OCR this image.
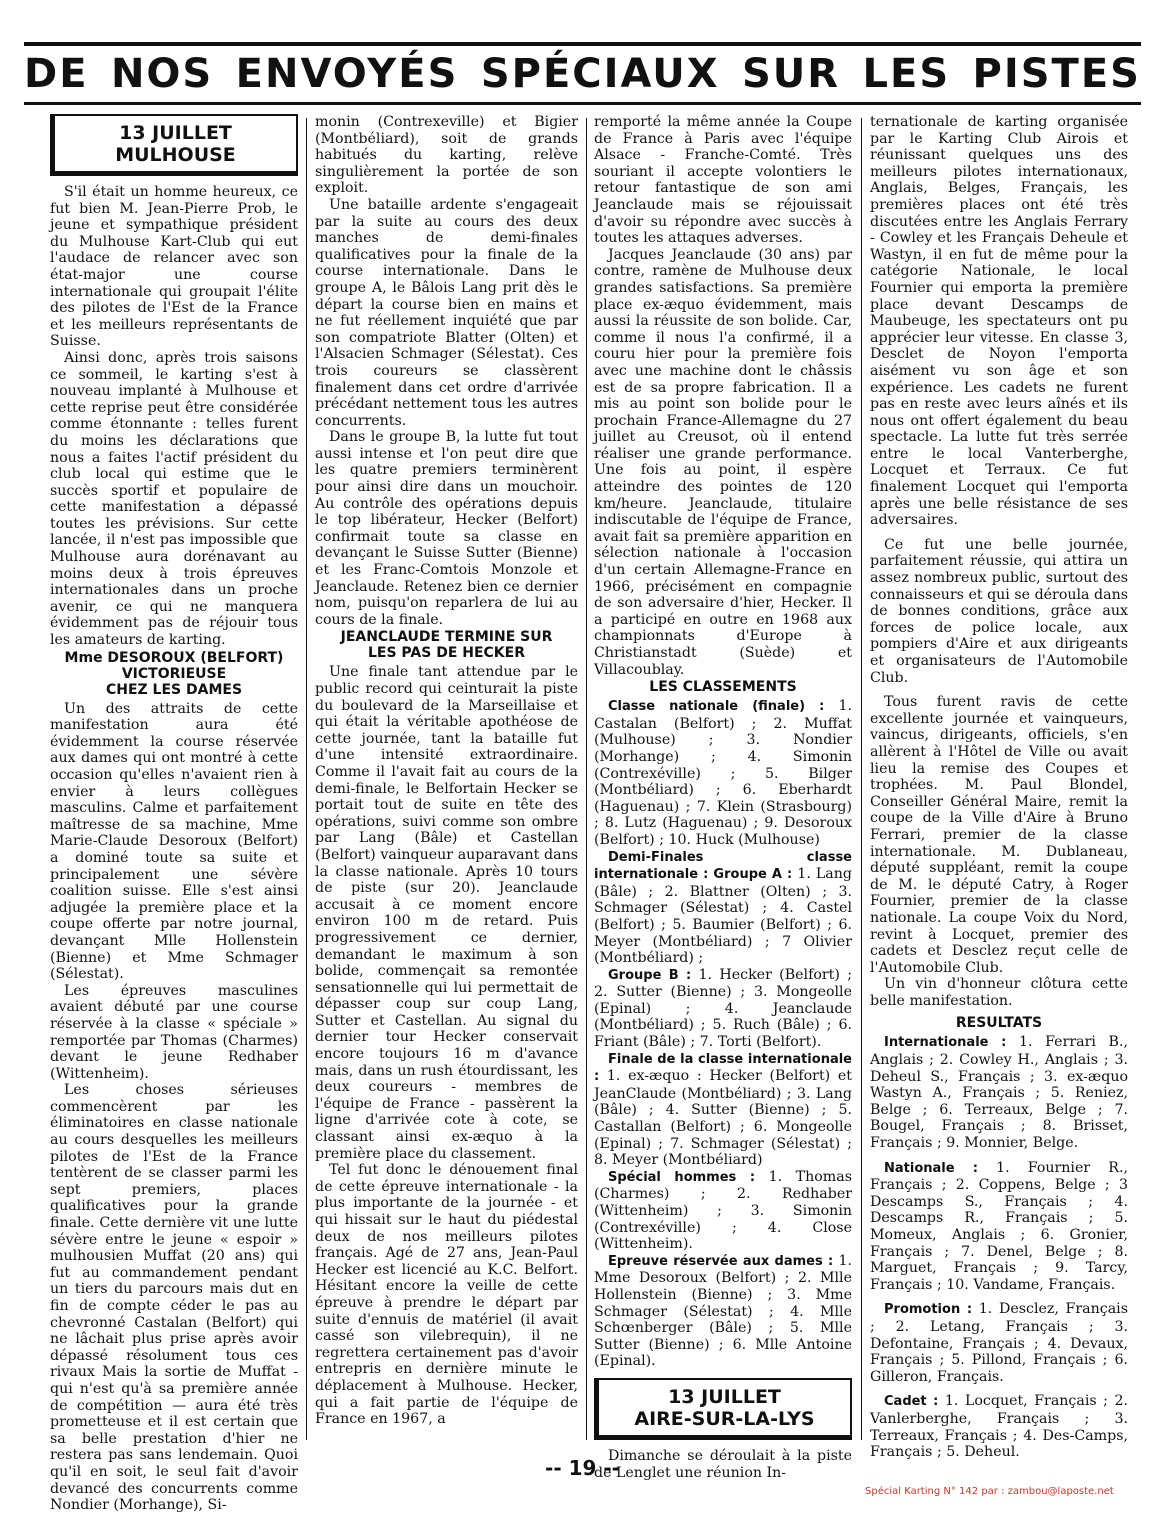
DE NOS ENVOYÉS SPÉCIAUX SUR LES PISTES
13 JUILLET
MULHOUSE

S'il était un homme heureux, ce fut bien M. Jean-Pierre Prob, le jeune et sympathique président du Mulhouse Kart-Club qui eut l'audace de relancer avec son état-major une course internationale qui groupait l'élite des pilotes de l'Est de la France et les meilleurs représentants de Suisse.

Ainsi donc, après trois saisons ce sommeil, le karting s'est à nouveau implanté à Mulhouse et cette reprise peut être considérée comme étonnante : telles furent du moins les déclarations que nous a faites l'actif président du club local qui estime que le succès sportif et populaire de cette manifestation a dépassé toutes les prévisions. Sur cette lancée, il n'est pas impossible que Mulhouse aura dorénavant au moins deux à trois épreuves internationales dans un proche avenir, ce qui ne manquera évidemment pas de réjouir tous les amateurs de karting.

Mme DESOROUX (BELFORT)
VICTORIEUSE
CHEZ LES DAMES

Un des attraits de cette manifestation aura été évidemment la course réservée aux dames qui ont montré à cette occasion qu'elles n'avaient rien à envier à leurs collègues masculins. Calme et parfaitement maîtresse de sa machine, Mme Marie-Claude Desoroux (Belfort) a dominé toute sa suite et principalement une sévère coalition suisse. Elle s'est ainsi adjugée la première place et la coupe offerte par notre journal, devançant Mlle Hollenstein (Bienne) et Mme Schmager (Sélestat).

Les épreuves masculines avaient débuté par une course réservée à la classe « spéciale » remportée par Thomas (Charmes) devant le jeune Redhaber (Wittenheim).

Les choses sérieuses commencèrent par les éliminatoires en classe nationale au cours desquelles les meilleurs pilotes de l'Est de la France tentèrent de se classer parmi les sept premiers, places qualificatives pour la grande finale. Cette dernière vit une lutte sévère entre le jeune « espoir » mulhousien Muffat (20 ans) qui fut au commandement pendant un tiers du parcours mais dut en fin de compte céder le pas au chevronné Castalan (Belfort) qui ne lâchait plus prise après avoir dépassé résolument tous ces rivaux Mais la sortie de Muffat - qui n'est qu'à sa première année de compétition — aura été très prometteuse et il est certain que sa belle prestation d'hier ne restera pas sans lendemain. Quoi qu'il en soit, le seul fait d'avoir devancé des concurrents comme Nondier (Morhange), Si-

monin (Contrexeville) et Bigier (Montbéliard), soit de grands habitués du karting, relève singulièrement la portée de son exploit.

Une bataille ardente s'engageait par la suite au cours des deux manches de demi-finales qualificatives pour la finale de la course internationale. Dans le groupe A, le Bâlois Lang prit dès le départ la course bien en mains et ne fut réellement inquiété que par son compatriote Blatter (Olten) et l'Alsacien Schmager (Sélestat). Ces trois coureurs se classèrent finalement dans cet ordre d'arrivée précédant nettement tous les autres concurrents.

Dans le groupe B, la lutte fut tout aussi intense et l'on peut dire que les quatre premiers terminèrent pour ainsi dire dans un mouchoir. Au contrôle des opérations depuis le top libérateur, Hecker (Belfort) confirmait toute sa classe en devançant le Suisse Sutter (Bienne) et les Franc-Comtois Monzole et Jeanclaude. Retenez bien ce dernier nom, puisqu'on reparlera de lui au cours de la finale.

JEANCLAUDE TERMINE SUR
LES PAS DE HECKER

Une finale tant attendue par le public record qui ceinturait la piste du boulevard de la Marseillaise et qui était la véritable apothéose de cette journée, tant la bataille fut d'une intensité extraordinaire. Comme il l'avait fait au cours de la demi-finale, le Belfortain Hecker se portait tout de suite en tête des opérations, suivi comme son ombre par Lang (Bâle) et Castellan (Belfort) vainqueur auparavant dans la classe nationale. Après 10 tours de piste (sur 20). Jeanclaude accusait à ce moment encore environ 100 m de retard. Puis progressivement ce dernier, demandant le maximum à son bolide, commençait sa remontée sensationnelle qui lui permettait de dépasser coup sur coup Lang, Sutter et Castellan. Au signal du dernier tour Hecker conservait encore toujours 16 m d'avance mais, dans un rush étourdissant, les deux coureurs - membres de l'équipe de France - passèrent la ligne d'arrivée cote à cote, se classant ainsi ex-æquo à la première place du classement.

Tel fut donc le dénouement final de cette épreuve internationale - la plus importante de la journée - et qui hissait sur le haut du piédestal deux de nos meilleurs pilotes français. Agé de 27 ans, Jean-Paul Hecker est licencié au K.C. Belfort. Hésitant encore la veille de cette épreuve à prendre le départ par suite d'ennuis de matériel (il avait cassé son vilebrequin), il ne regrettera certainement pas d'avoir entrepris en dernière minute le déplacement à Mulhouse. Hecker, qui a fait partie de l'équipe de France en 1967, a

remporté la même année la Coupe de France à Paris avec l'équipe Alsace - Franche-Comté. Très souriant il accepte volontiers le retour fantastique de son ami Jeanclaude mais se réjouissait d'avoir su répondre avec succès à toutes les attaques adverses.

Jacques Jeanclaude (30 ans) par contre, ramène de Mulhouse deux grandes satisfactions. Sa première place ex-æquo évidemment, mais aussi la réussite de son bolide. Car, comme il nous l'a confirmé, il a couru hier pour la première fois avec une machine dont le châssis est de sa propre fabrication. Il a mis au point son bolide pour le prochain France-Allemagne du 27 juillet au Creusot, où il entend réaliser une grande performance. Une fois au point, il espère atteindre des pointes de 120 km/heure. Jeanclaude, titulaire indiscutable de l'équipe de France, avait fait sa première apparition en sélection nationale à l'occasion d'un certain Allemagne-France en 1966, précisément en compagnie de son adversaire d'hier, Hecker. Il a participé en outre en 1968 aux championnats d'Europe à Christianstadt (Suède) et Villacoublay.

LES CLASSEMENTS

Classe nationale (finale) : 1. Castalan (Belfort) ; 2. Muffat (Mulhouse) ; 3. Nondier (Morhange) ; 4. Simonin (Contrexéville) ; 5. Bilger (Montbéliard) ; 6. Eberhardt (Haguenau) ; 7. Klein (Strasbourg) ; 8. Lutz (Haguenau) ; 9. Desoroux (Belfort) ; 10. Huck (Mulhouse)

Demi-Finales classe internationale : Groupe A : 1. Lang (Bâle) ; 2. Blattner (Olten) ; 3. Schmager (Sélestat) ; 4. Castel (Belfort) ; 5. Baumier (Belfort) ; 6. Meyer (Montbéliard) ; 7 Olivier (Montbéliard) ;

Groupe B : 1. Hecker (Belfort) ; 2. Sutter (Bienne) ; 3. Mongeolle (Epinal) ; 4. Jeanclaude (Montbéliard) ; 5. Ruch (Bâle) ; 6. Friant (Bâle) ; 7. Torti (Belfort).

Finale de la classe internationale : 1. ex-æquo : Hecker (Belfort) et JeanClaude (Montbéliard) ; 3. Lang (Bâle) ; 4. Sutter (Bienne) ; 5. Castallan (Belfort) ; 6. Mongeolle (Epinal) ; 7. Schmager (Sélestat) ; 8. Meyer (Montbéliard)

Spécial hommes : 1. Thomas (Charmes) ; 2. Redhaber (Wittenheim) ; 3. Simonin (Contrexéville) ; 4. Close (Wittenheim).

Epreuve réservée aux dames : 1. Mme Desoroux (Belfort) ; 2. Mlle Hollenstein (Bienne) ; 3. Mme Schmager (Sélestat) ; 4. Mlle Schœnberger (Bâle) ; 5. Mlle Sutter (Bienne) ; 6. Mlle Antoine (Epinal).

13 JUILLET
AIRE-SUR-LA-LYS

Dimanche se déroulait à la piste de Lenglet une réunion In-

ternationale de karting organisée par le Karting Club Airois et réunissant quelques uns des meilleurs pilotes internationaux, Anglais, Belges, Français, les premières places ont été très discutées entre les Anglais Ferrary - Cowley et les Français Deheule et Wastyn, il en fut de même pour la catégorie Nationale, le local Fournier qui emporta la première place devant Descamps de Maubeuge, les spectateurs ont pu apprécier leur vitesse. En classe 3, Desclet de Noyon l'emporta aisément vu son âge et son expérience. Les cadets ne furent pas en reste avec leurs aînés et ils nous ont offert également du beau spectacle. La lutte fut très serrée entre le local Vanterberghe, Locquet et Terraux. Ce fut finalement Locquet qui l'emporta après une belle résistance de ses adversaires.

Ce fut une belle journée, parfaitement réussie, qui attira un assez nombreux public, surtout des connaisseurs et qui se déroula dans de bonnes conditions, grâce aux forces de police locale, aux pompiers d'Aire et aux dirigeants et organisateurs de l'Automobile Club.

Tous furent ravis de cette excellente journée et vainqueurs, vaincus, dirigeants, officiels, s'en allèrent à l'Hôtel de Ville ou avait lieu la remise des Coupes et trophées. M. Paul Blondel, Conseiller Général Maire, remit la coupe de la Ville d'Aire à Bruno Ferrari, premier de la classe internationale. M. Dublaneau, député suppléant, remit la coupe de M. le député Catry, à Roger Fournier, premier de la classe nationale. La coupe Voix du Nord, revint à Locquet, premier des cadets et Desclez reçut celle de l'Automobile Club.

Un vin d'honneur clôtura cette belle manifestation.

RESULTATS

Internationale : 1. Ferrari B., Anglais ; 2. Cowley H., Anglais ; 3. Deheul S., Français ; 3. ex-æquo Wastyn A., Français ; 5. Reniez, Belge ; 6. Terreaux, Belge ; 7. Bougel, Français ; 8. Brisset, Français ; 9. Monnier, Belge.

Nationale : 1. Fournier R., Français ; 2. Coppens, Belge ; 3 Descamps S., Français ; 4. Descamps R., Français ; 5. Momeux, Anglais ; 6. Gronier, Français ; 7. Denel, Belge ; 8. Marguet, Français ; 9. Tarcy, Français ; 10. Vandame, Français.

Promotion : 1. Desclez, Français ; 2. Letang, Français ; 3. Defontaine, Français ; 4. Devaux, Français ; 5. Pillond, Français ; 6. Gilleron, Français.

Cadet : 1. Locquet, Français ; 2. Vanlerberghe, Français ; 3. Terreaux, Français ; 4. Des-Camps, Français ; 5. Deheul.

-- 19 --
Spécial Karting N° 142 par : zambou@laposte.net
